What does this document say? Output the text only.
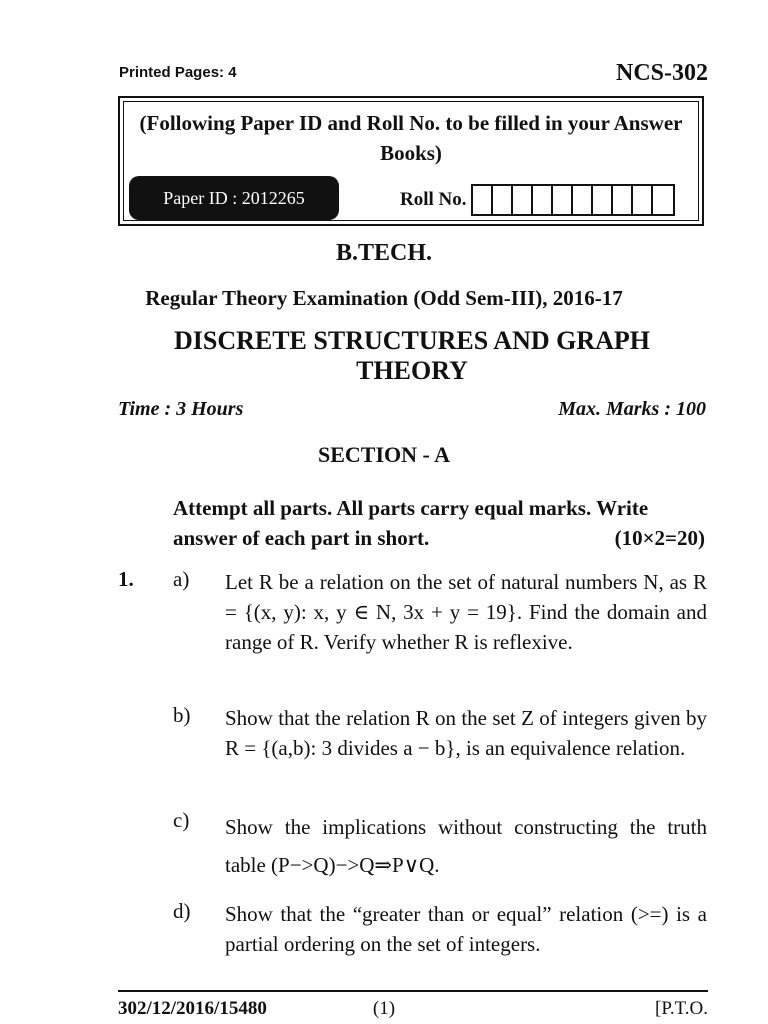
Printed Pages: 4	NCS-302
(Following Paper ID and Roll No. to be filled in your Answer Books)
Paper ID : 2012265	Roll No.
B.TECH.
Regular Theory Examination (Odd Sem-III), 2016-17
DISCRETE STRUCTURES AND GRAPH THEORY
Time : 3 Hours	Max. Marks : 100
SECTION - A
Attempt all parts. All parts carry equal marks. Write
answer of each part in short.	(10×2=20)
1. a) Let R be a relation on the set of natural numbers N, as R = {(x, y): x, y ∈ N, 3x + y = 19}. Find the domain and range of R. Verify whether R is reflexive.
b) Show that the relation R on the set Z of integers given by R = {(a,b): 3 divides a − b}, is an equivalence relation.
c) Show the implications without constructing the truth table (P−>Q)−>Q⇒P∨Q.
d) Show that the “greater than or equal” relation (>=) is a partial ordering on the set of integers.
302/12/2016/15480	(1)	[P.T.O.
